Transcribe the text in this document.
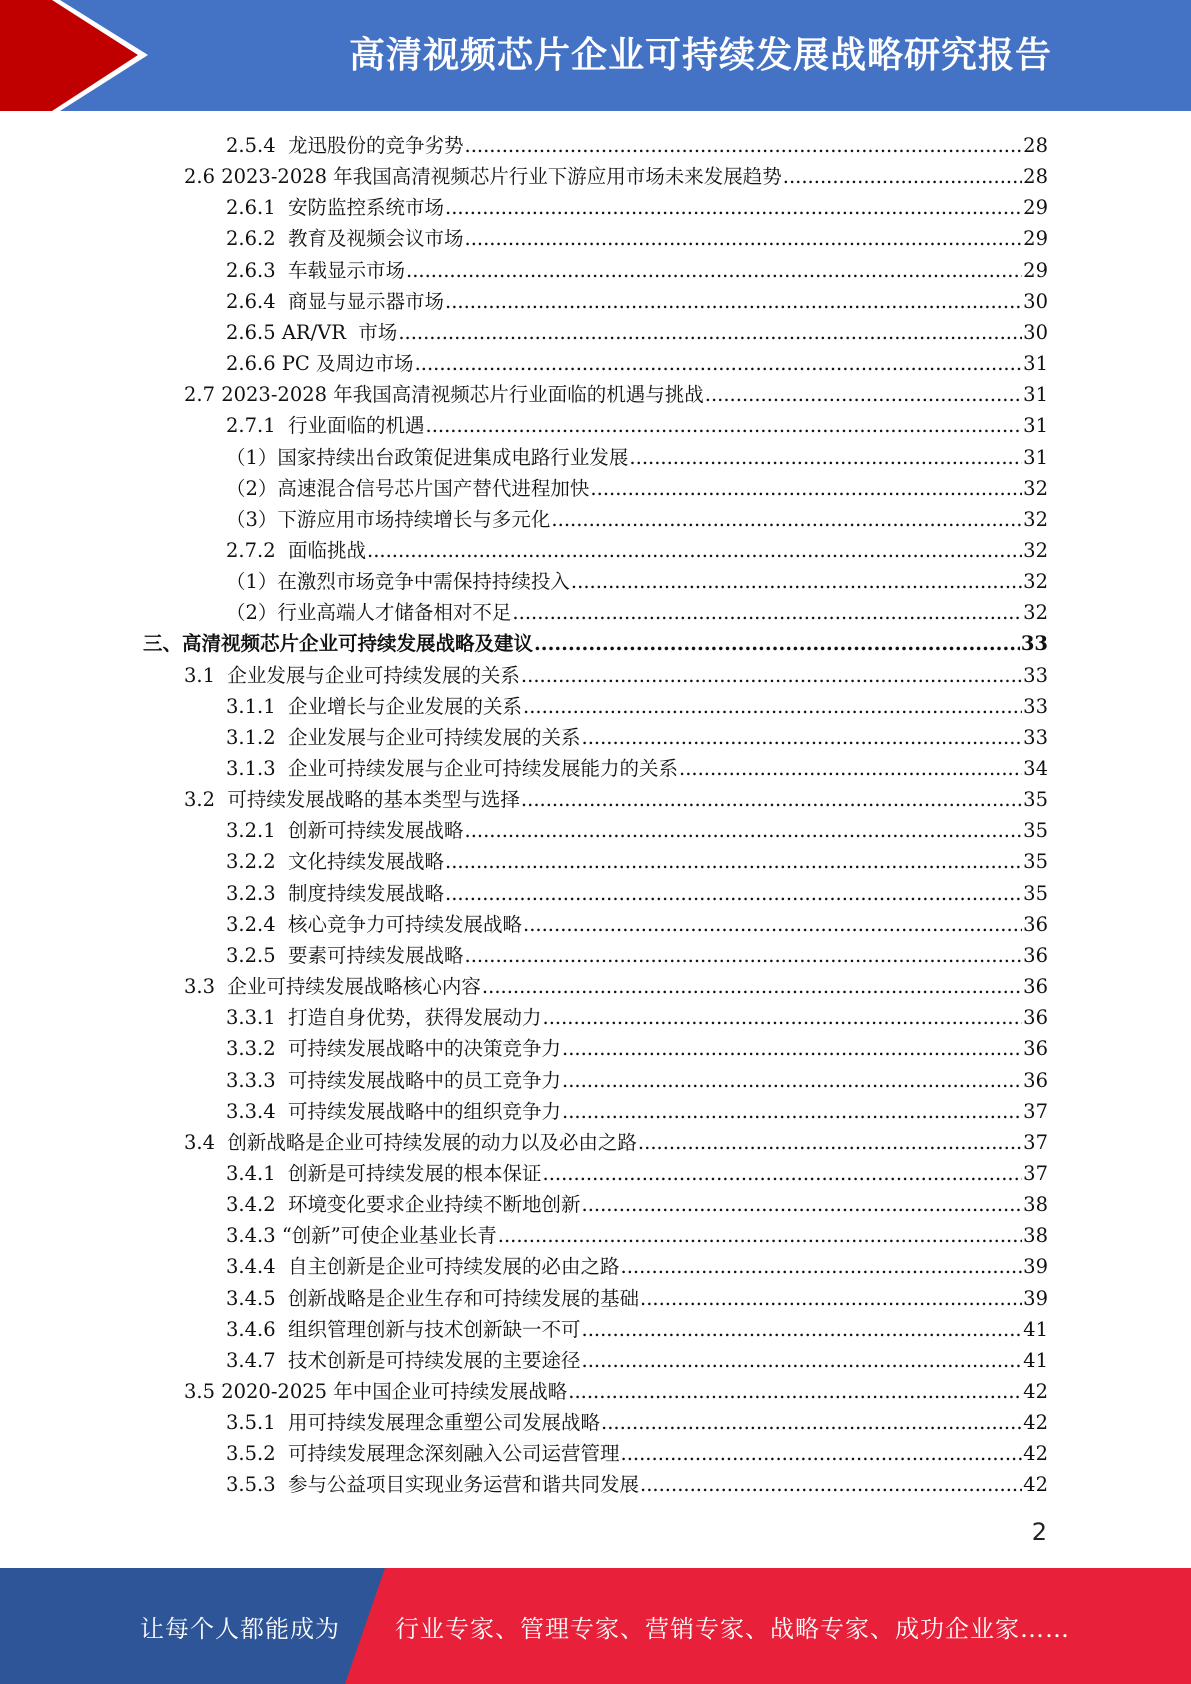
高清视频芯片企业可持续发展战略研究报告
2.5.4  龙迅股份的竞争劣势 .....	28
2.6 2023-2028 年我国高清视频芯片行业下游应用市场未来发展趋势 .....	28
2.6.1  安防监控系统市场 .....	29
2.6.2  教育及视频会议市场 .....	29
2.6.3  车载显示市场 .....	29
2.6.4  商显与显示器市场 .....	30
2.6.5 AR/VR  市场 .....	30
2.6.6 PC 及周边市场 .....	31
2.7 2023-2028 年我国高清视频芯片行业面临的机遇与挑战 .....	31
2.7.1  行业面临的机遇 .....	31
（1）国家持续出台政策促进集成电路行业发展 .....	31
（2）高速混合信号芯片国产替代进程加快 .....	32
（3）下游应用市场持续增长与多元化 .....	32
2.7.2  面临挑战 .....	32
（1）在激烈市场竞争中需保持持续投入 .....	32
（2）行业高端人才储备相对不足 .....	32
三、高清视频芯片企业可持续发展战略及建议 .....	33
3.1  企业发展与企业可持续发展的关系 .....	33
3.1.1  企业增长与企业发展的关系 .....	33
3.1.2  企业发展与企业可持续发展的关系 .....	33
3.1.3  企业可持续发展与企业可持续发展能力的关系 .....	34
3.2  可持续发展战略的基本类型与选择 .....	35
3.2.1  创新可持续发展战略 .....	35
3.2.2  文化持续发展战略 .....	35
3.2.3  制度持续发展战略 .....	35
3.2.4  核心竞争力可持续发展战略 .....	36
3.2.5  要素可持续发展战略 .....	36
3.3  企业可持续发展战略核心内容 .....	36
3.3.1  打造自身优势，获得发展动力 .....	36
3.3.2  可持续发展战略中的决策竞争力 .....	36
3.3.3  可持续发展战略中的员工竞争力 .....	36
3.3.4  可持续发展战略中的组织竞争力 .....	37
3.4  创新战略是企业可持续发展的动力以及必由之路 .....	37
3.4.1  创新是可持续发展的根本保证 .....	37
3.4.2  环境变化要求企业持续不断地创新 .....	38
3.4.3 “创新”可使企业基业长青 .....	38
3.4.4  自主创新是企业可持续发展的必由之路 .....	39
3.4.5  创新战略是企业生存和可持续发展的基础 .....	39
3.4.6  组织管理创新与技术创新缺一不可 .....	41
3.4.7  技术创新是可持续发展的主要途径 .....	41
3.5 2020-2025 年中国企业可持续发展战略 .....	42
3.5.1  用可持续发展理念重塑公司发展战略 .....	42
3.5.2  可持续发展理念深刻融入公司运营管理 .....	42
3.5.3  参与公益项目实现业务运营和谐共同发展 .....	42
2
让每个人都能成为	行业专家、管理专家、营销专家、战略专家、成功企业家……
